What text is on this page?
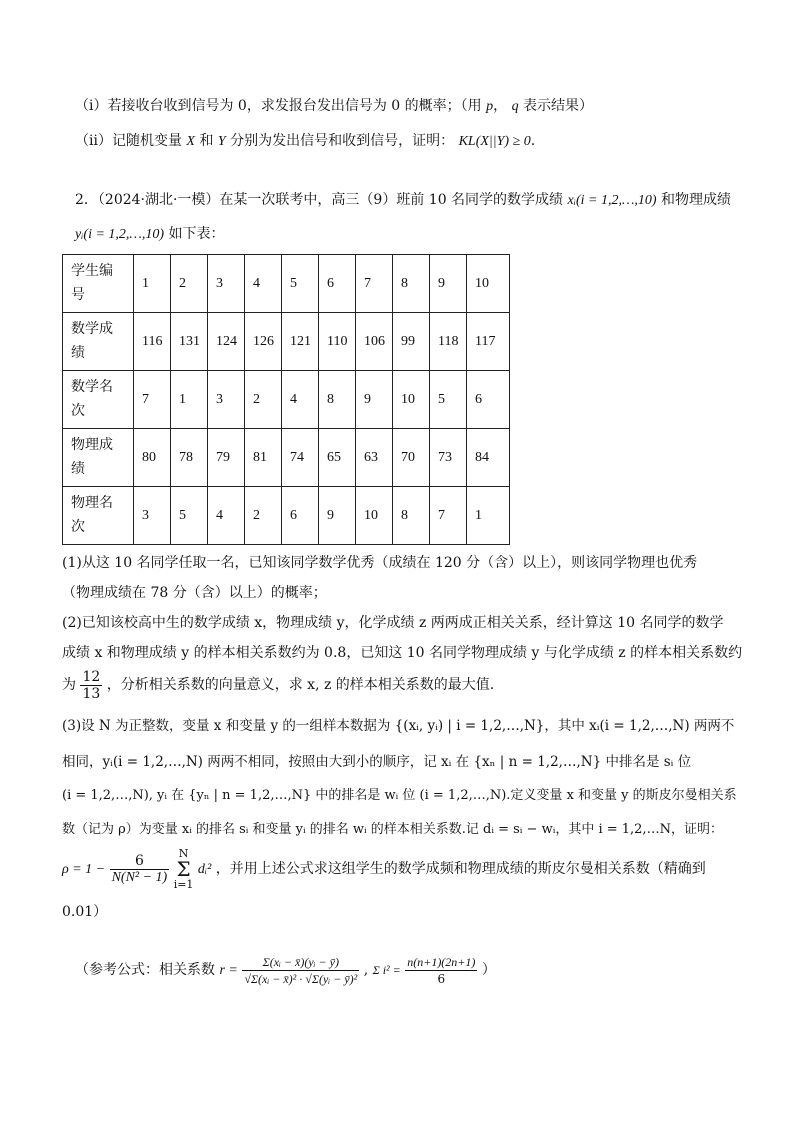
（ⅰ）若接收台收到信号为 0，求发报台发出信号为 0 的概率；（用 p， q 表示结果）
（ⅱ）记随机变量 X 和 Y 分别为发出信号和收到信号，证明： KL(X||Y) ≥ 0.
2．（2024·湖北·一模）在某一次联考中，高三（9）班前 10 名同学的数学成绩 xᵢ(i = 1,2,…,10) 和物理成绩
yᵢ(i = 1,2,…,10) 如下表：
学生编
号	1	2	3	4	5	6	7	8	9	10
数学成
绩	116	131	124	126	121	110	106	99	118	117
数学名
次	7	1	3	2	4	8	9	10	5	6
物理成
绩	80	78	79	81	74	65	63	70	73	84
物理名
次	3	5	4	2	6	9	10	8	7	1
(1)从这 10 名同学任取一名，已知该同学数学优秀（成绩在 120 分（含）以上），则该同学物理也优秀
（物理成绩在 78 分（含）以上）的概率；
(2)已知该校高中生的数学成绩 x，物理成绩 y，化学成绩 z 两两成正相关关系，经计算这 10 名同学的数学
成绩 x 和物理成绩 y 的样本相关系数约为 0.8，已知这 10 名同学物理成绩 y 与化学成绩 z 的样本相关系数约
为 $\frac{12}{13}$ ，分析相关系数的向量意义，求 x, z 的样本相关系数的最大值.
(3)设 N 为正整数，变量 x 和变量 y 的一组样本数据为 {(xᵢ, yᵢ) | i = 1,2,…,N}，其中 xᵢ(i = 1,2,…,N) 两两不
相同，yᵢ(i = 1,2,…,N) 两两不相同，按照由大到小的顺序，记 xᵢ 在 {xₙ | n = 1,2,…,N} 中排名是 sᵢ 位
(i = 1,2,…,N), yᵢ 在 {yₙ | n = 1,2,…,N} 中的排名是 wᵢ 位 (i = 1,2,…,N).定义变量 x 和变量 y 的斯皮尔曼相关系
数（记为 ρ）为变量 xᵢ 的排名 sᵢ 和变量 yᵢ 的排名 wᵢ 的样本相关系数.记 dᵢ = sᵢ − wᵢ，其中 i = 1,2,…N，证明：
$\rho = 1 - \frac{6}{\text{N(N² − 1)}}$ N
Σ
i=1 dᵢ² ，并用上述公式求这组学生的数学成频和物理成绩的斯皮尔曼相关系数（精确到
0.01）
（参考公式：相关系数 $r = \frac{\text{Σ(xᵢ − x̄)(yᵢ − ȳ)}}{\text{√Σ(xᵢ − x̄)² · √Σ(yᵢ − ȳ)²}}$ , Σ $i^2 = \frac{n(n+1)(2n+1)}{6}$ ）
